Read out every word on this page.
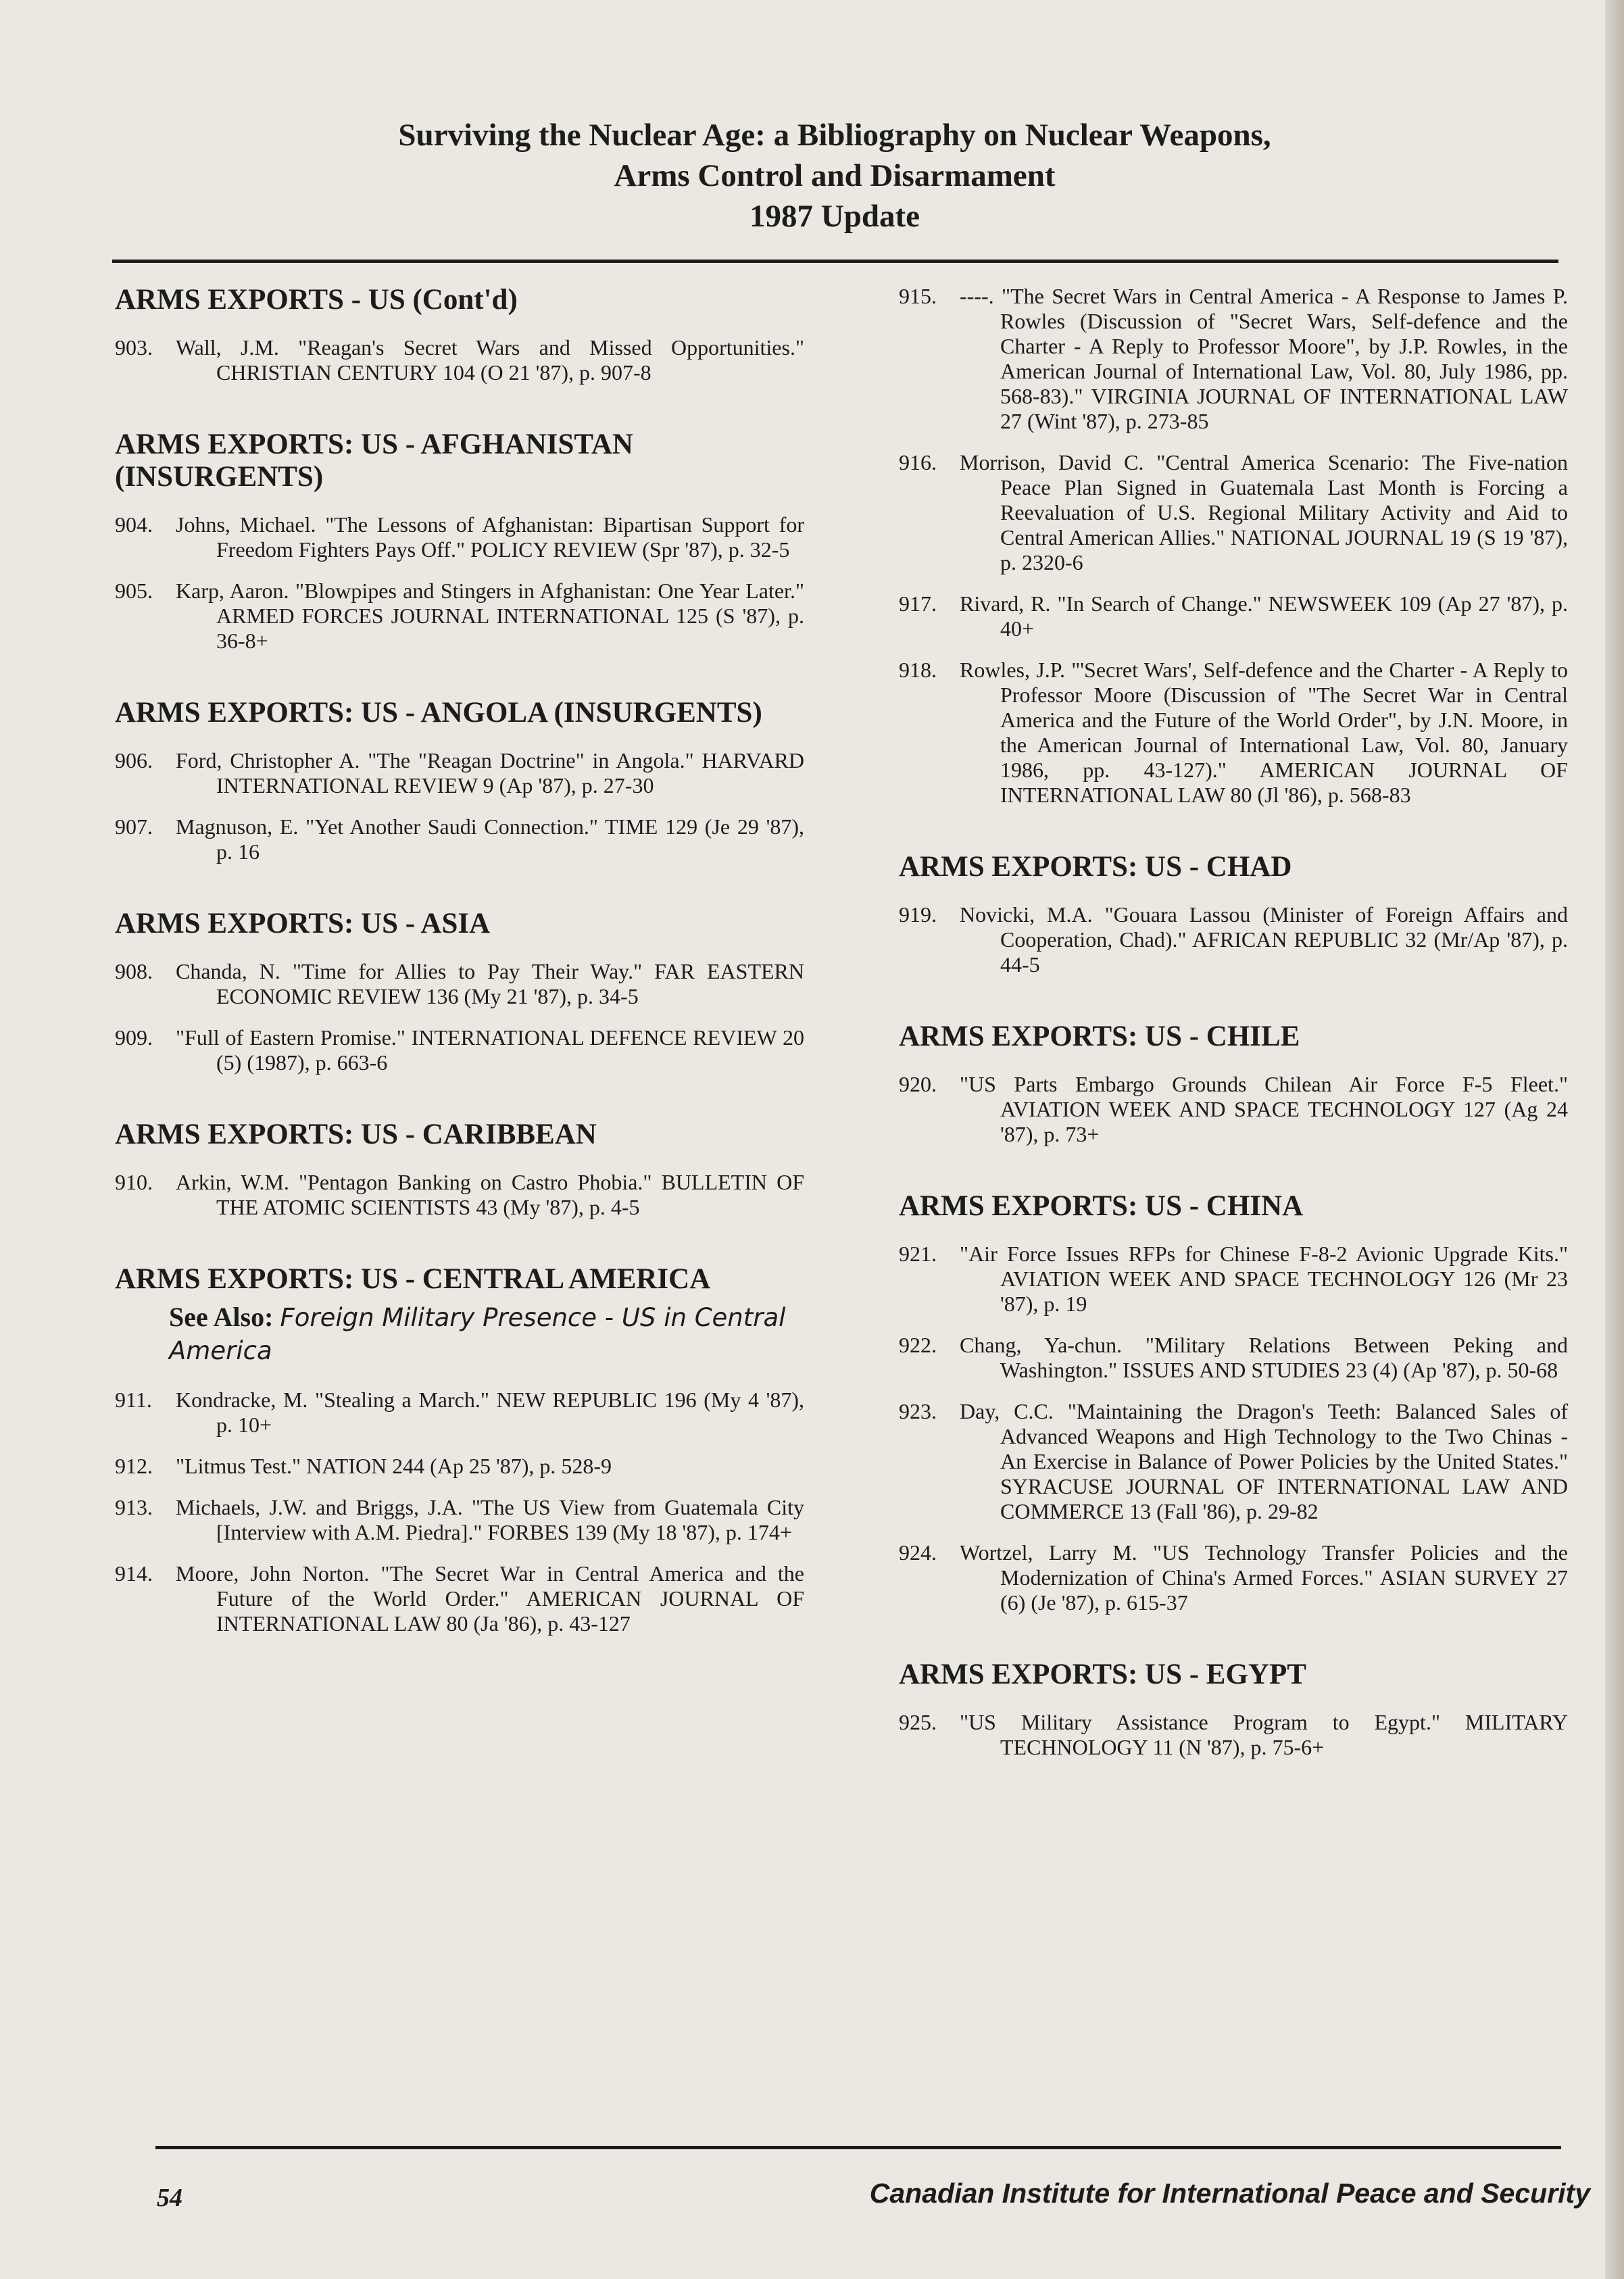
Surviving the Nuclear Age: a Bibliography on Nuclear Weapons,
Arms Control and Disarmament
1987 Update
ARMS EXPORTS - US (Cont'd)
903.	Wall, J.M. "Reagan's Secret Wars and Missed Opportunities." CHRISTIAN CENTURY 104 (O 21 '87), p. 907-8
ARMS EXPORTS: US - AFGHANISTAN (INSURGENTS)
904.	Johns, Michael. "The Lessons of Afghanistan: Bipartisan Support for Freedom Fighters Pays Off." POLICY REVIEW (Spr '87), p. 32-5
905.	Karp, Aaron. "Blowpipes and Stingers in Afghanistan: One Year Later." ARMED FORCES JOURNAL INTERNATIONAL 125 (S '87), p. 36-8+
ARMS EXPORTS: US - ANGOLA (INSURGENTS)
906.	Ford, Christopher A. "The "Reagan Doctrine" in Angola." HARVARD INTERNATIONAL REVIEW 9 (Ap '87), p. 27-30
907.	Magnuson, E. "Yet Another Saudi Connection." TIME 129 (Je 29 '87), p. 16
ARMS EXPORTS: US - ASIA
908.	Chanda, N. "Time for Allies to Pay Their Way." FAR EASTERN ECONOMIC REVIEW 136 (My 21 '87), p. 34-5
909.	"Full of Eastern Promise." INTERNATIONAL DEFENCE REVIEW 20 (5) (1987), p. 663-6
ARMS EXPORTS: US - CARIBBEAN
910.	Arkin, W.M. "Pentagon Banking on Castro Phobia." BULLETIN OF THE ATOMIC SCIENTISTS 43 (My '87), p. 4-5
ARMS EXPORTS: US - CENTRAL AMERICA
See Also: Foreign Military Presence - US in Central America
911.	Kondracke, M. "Stealing a March." NEW REPUBLIC 196 (My 4 '87), p. 10+
912.	"Litmus Test." NATION 244 (Ap 25 '87), p. 528-9
913.	Michaels, J.W. and Briggs, J.A. "The US View from Guatemala City [Interview with A.M. Piedra]." FORBES 139 (My 18 '87), p. 174+
914.	Moore, John Norton. "The Secret War in Central America and the Future of the World Order." AMERICAN JOURNAL OF INTERNATIONAL LAW 80 (Ja '86), p. 43-127
915.	----. "The Secret Wars in Central America - A Response to James P. Rowles (Discussion of "Secret Wars, Self-defence and the Charter - A Reply to Professor Moore", by J.P. Rowles, in the American Journal of International Law, Vol. 80, July 1986, pp. 568-83)." VIRGINIA JOURNAL OF INTERNATIONAL LAW 27 (Wint '87), p. 273-85
916.	Morrison, David C. "Central America Scenario: The Five-nation Peace Plan Signed in Guatemala Last Month is Forcing a Reevaluation of U.S. Regional Military Activity and Aid to Central American Allies." NATIONAL JOURNAL 19 (S 19 '87), p. 2320-6
917.	Rivard, R. "In Search of Change." NEWSWEEK 109 (Ap 27 '87), p. 40+
918.	Rowles, J.P. "'Secret Wars', Self-defence and the Charter - A Reply to Professor Moore (Discussion of "The Secret War in Central America and the Future of the World Order", by J.N. Moore, in the American Journal of International Law, Vol. 80, January 1986, pp. 43-127)." AMERICAN JOURNAL OF INTERNATIONAL LAW 80 (Jl '86), p. 568-83
ARMS EXPORTS: US - CHAD
919.	Novicki, M.A. "Gouara Lassou (Minister of Foreign Affairs and Cooperation, Chad)." AFRICAN REPUBLIC 32 (Mr/Ap '87), p. 44-5
ARMS EXPORTS: US - CHILE
920.	"US Parts Embargo Grounds Chilean Air Force F-5 Fleet." AVIATION WEEK AND SPACE TECHNOLOGY 127 (Ag 24 '87), p. 73+
ARMS EXPORTS: US - CHINA
921.	"Air Force Issues RFPs for Chinese F-8-2 Avionic Upgrade Kits." AVIATION WEEK AND SPACE TECHNOLOGY 126 (Mr 23 '87), p. 19
922.	Chang, Ya-chun. "Military Relations Between Peking and Washington." ISSUES AND STUDIES 23 (4) (Ap '87), p. 50-68
923.	Day, C.C. "Maintaining the Dragon's Teeth: Balanced Sales of Advanced Weapons and High Technology to the Two Chinas - An Exercise in Balance of Power Policies by the United States." SYRACUSE JOURNAL OF INTERNATIONAL LAW AND COMMERCE 13 (Fall '86), p. 29-82
924.	Wortzel, Larry M. "US Technology Transfer Policies and the Modernization of China's Armed Forces." ASIAN SURVEY 27 (6) (Je '87), p. 615-37
ARMS EXPORTS: US - EGYPT
925.	"US Military Assistance Program to Egypt." MILITARY TECHNOLOGY 11 (N '87), p. 75-6+
54	Canadian Institute for International Peace and Security
